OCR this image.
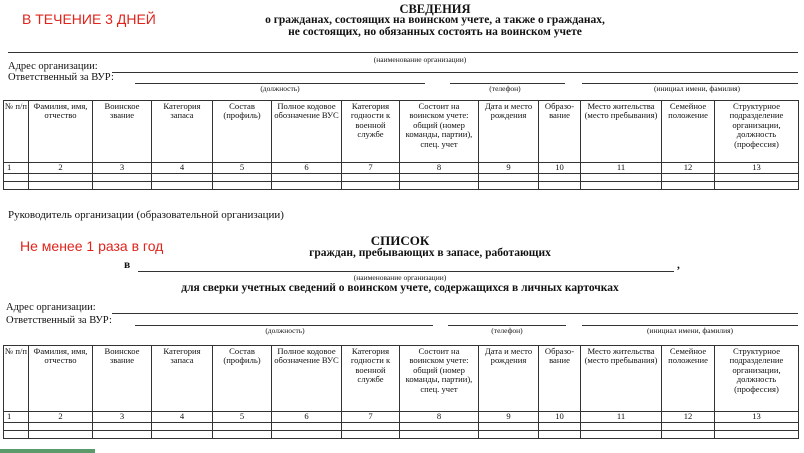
В ТЕЧЕНИЕ 3 ДНЕЙ
СВЕДЕНИЯ
о гражданах, состоящих на воинском учете, а также о гражданах,
не состоящих, но обязанных состоять на воинском учете
(наименование организации)
Адрес организации:
Ответственный за ВУР:
(должность)	(телефон)	(инициал имени, фамилия)
№ п/п	Фамилия, имя, отчество	Воинское звание	Категория запаса	Состав (профиль)	Полное кодовое обозначение ВУС	Категория годности к военной службе	Состоит на воинском учете: общий (номер команды, партии), спец. учет	Дата и место рождения	Образо-вание	Место жительства (место пребывания)	Семейное положение	Структурное подразделение организации, должность (профессия)
1	2	3	4	5	6	7	8	9	10	11	12	13

Руководитель организации (образовательной организации)
Не менее 1 раза в год	СПИСОК
граждан, пребывающих в запасе, работающих
в	,
(наименование организации)
для сверки учетных сведений о воинском учете, содержащихся в личных карточках
Адрес организации:
Ответственный за ВУР:
(должность)	(телефон)	(инициал имени, фамилия)
№ п/п	Фамилия, имя, отчество	Воинское звание	Категория запаса	Состав (профиль)	Полное кодовое обозначение ВУС	Категория годности к военной службе	Состоит на воинском учете: общий (номер команды, партии), спец. учет	Дата и место рождения	Образо-вание	Место жительства (место пребывания)	Семейное положение	Структурное подразделение организации, должность (профессия)
1	2	3	4	5	6	7	8	9	10	11	12	13
